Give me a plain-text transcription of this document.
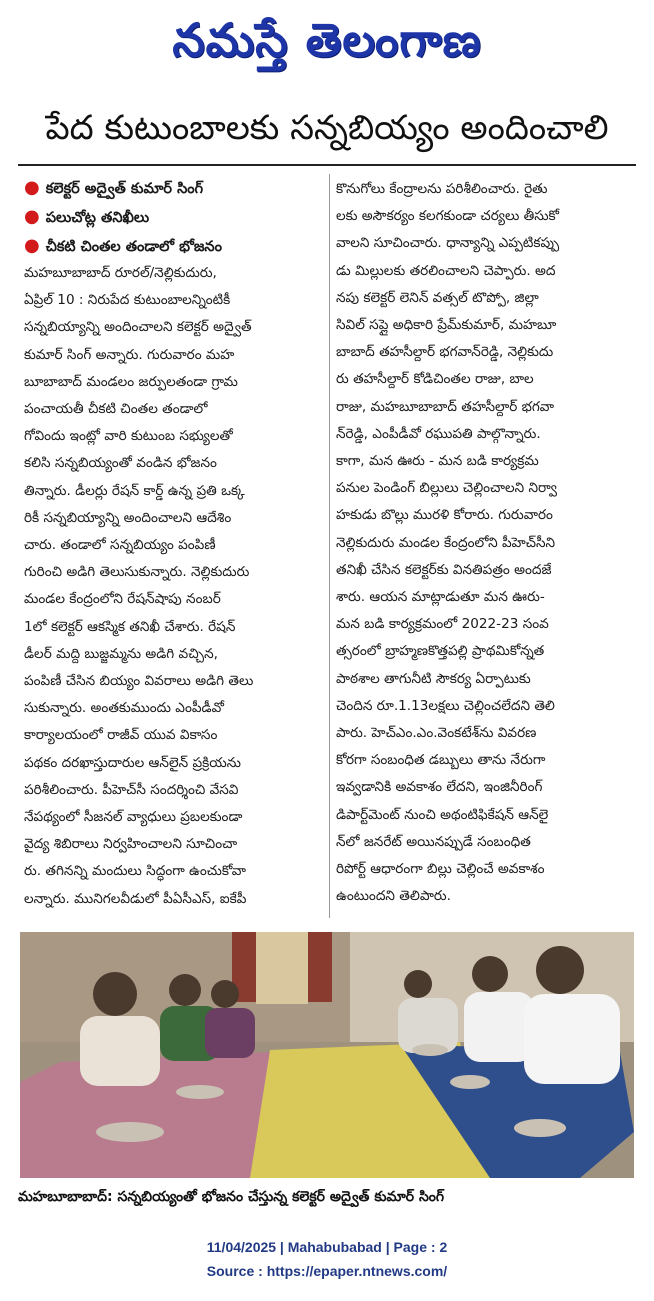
నమస్తే తెలంగాణ
పేద కుటుంబాలకు సన్నబియ్యం అందించాలి
● కలెక్టర్ అద్వైత్ కుమార్ సింగ్
● పలుచోట్ల తనిఖీలు
● చీకటి చింతల తండాలో భోజనం

మహబూబాబాద్ రూరల్/నెల్లికుదురు,
ఏప్రిల్ 10 : నిరుపేద కుటుంబాలన్నింటికీ
సన్నబియ్యాన్ని అందించాలని కలెక్టర్ అద్వైత్
కుమార్ సింగ్ అన్నారు. గురువారం మహ
బూబాబాద్ మండలం జర్పులతండా గ్రామ
పంచాయతీ చీకటి చింతల తండాలో
గోవిందు ఇంట్లో వారి కుటుంబ సభ్యులతో
కలిసి సన్నబియ్యంతో వండిన భోజనం
తిన్నారు. డీలర్లు రేషన్ కార్డ్ ఉన్న ప్రతి ఒక్క
రికీ సన్నబియ్యాన్ని అందించాలని ఆదేశిం
చారు. తండాలో సన్నబియ్యం పంపిణీ
గురించి అడిగి తెలుసుకున్నారు. నెల్లికుదురు
మండల కేంద్రంలోని రేషన్‌షాపు నంబర్
1లో కలెక్టర్ ఆకస్మిక తనిఖీ చేశారు. రేషన్
డీలర్ మద్ది బుజ్జమ్మను అడిగి వచ్చిన,
పంపిణీ చేసిన బియ్యం వివరాలు అడిగి తెలు
సుకున్నారు. అంతకుముందు ఎంపీడీవో
కార్యాలయంలో రాజీవ్ యువ వికాసం
పథకం దరఖాస్తుదారుల ఆన్‌లైన్ ప్రక్రియను
పరిశీలించారు. పీహెచ్‌సీ సందర్శించి వేసవి
నేపథ్యంలో సీజనల్ వ్యాధులు ప్రబలకుండా
వైద్య శిబిరాలు నిర్వహించాలని సూచించా
రు. తగినన్ని మందులు సిద్ధంగా ఉంచుకోవా
లన్నారు. మునిగలవీడులో పీఏసీఎస్, ఐకేపీ

కొనుగోలు కేంద్రాలను పరిశీలించారు. రైతు
లకు అసౌకర్యం కలగకుండా చర్యలు తీసుకో
వాలని సూచించారు. ధాన్యాన్ని ఎప్పటికప్పు
డు మిల్లులకు తరలించాలని చెప్పారు. అద
నపు కలెక్టర్ లెనిన్ వత్సల్ టొప్పో, జిల్లా
సివిల్ సప్లై అధికారి ప్రేమ్‌కుమార్, మహబూ
బాబాద్ తహసీల్దార్ భగవాన్‌రెడ్డి, నెల్లికుదు
రు తహసీల్దార్ కోడిచింతల రాజు, బాల
రాజు, మహబూబాబాద్ తహసీల్దార్ భగవా
న్‌రెడ్డి, ఎంపీడీవో రఘుపతి పాల్గొన్నారు.
కాగా, మన ఊరు - మన బడి కార్యక్రమ
పనుల పెండింగ్ బిల్లులు చెల్లించాలని నిర్వా
హకుడు బొల్లు మురళి కోరారు. గురువారం
నెల్లికుదురు మండల కేంద్రంలోని పీహెచ్‌సీని
తనిఖీ చేసిన కలెక్టర్‌కు వినతిపత్రం అందజే
శారు. ఆయన మాట్లాడుతూ మన ఊరు-
మన బడి కార్యక్రమంలో 2022-23 సంవ
త్సరంలో బ్రాహ్మణకొత్తపల్లి ప్రాథమికోన్నత
పాఠశాల తాగునీటి సౌకర్య ఏర్పాటుకు
చెందిన రూ.1.13లక్షలు చెల్లించలేదని తెలి
పారు. హెచ్‌ఎం.ఎం.వెంకటేశ్‌ను వివరణ
కోరగా సంబంధిత డబ్బులు తాను నేరుగా
ఇవ్వడానికి అవకాశం లేదని, ఇంజినీరింగ్
డిపార్ట్‌మెంట్ నుంచి అథంటిఫికేషన్ ఆన్‌లై
న్‌లో జనరేట్ అయినప్పుడే సంబంధిత
రిపోర్ట్ ఆధారంగా బిల్లు చెల్లించే అవకాశం
ఉంటుందని తెలిపారు.

మహబూబాబాద్: సన్నబియ్యంతో భోజనం చేస్తున్న కలెక్టర్ అద్వైత్ కుమార్ సింగ్
11/04/2025 | Mahabubabad | Page : 2
Source : https://epaper.ntnews.com/
